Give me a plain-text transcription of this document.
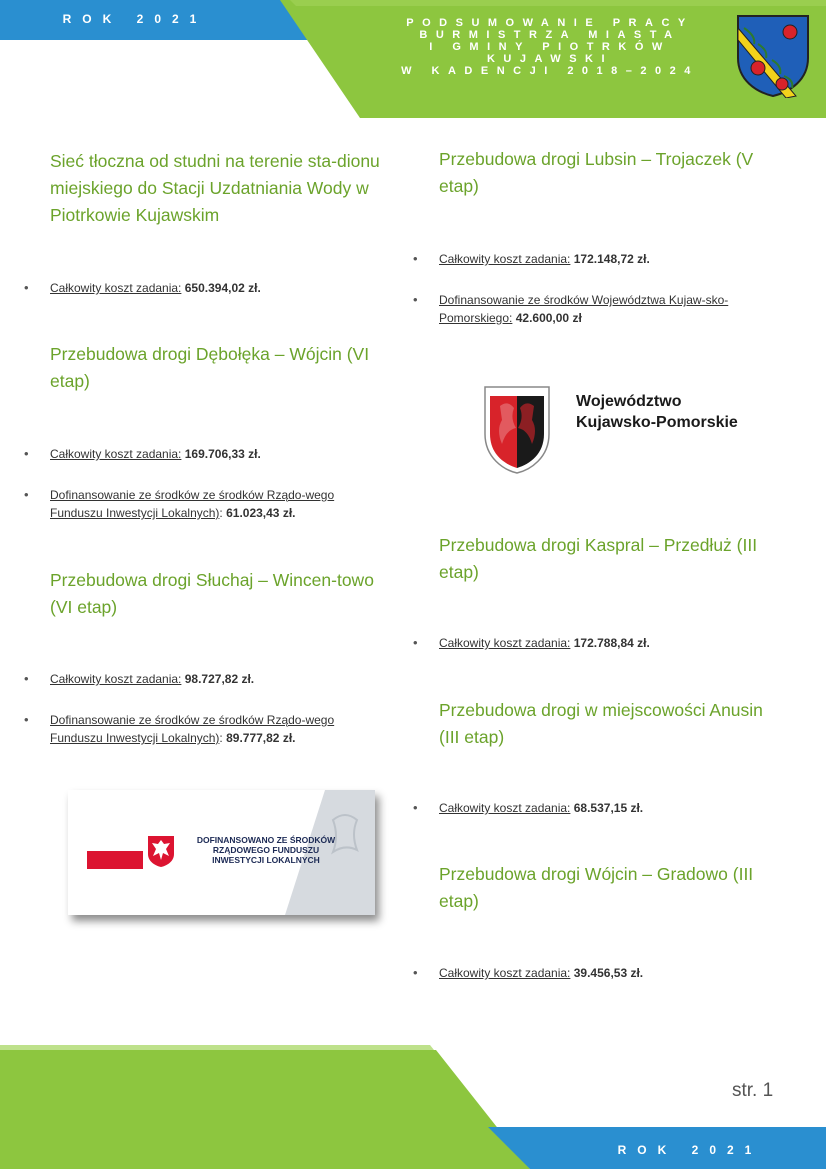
ROK 2021	PODSUMOWANIE PRACY
BURMISTRZA MIASTA
I GMINY PIOTRKÓW
KUJAWSKI
W KADENCJI 2018–2024
Sieć tłoczna od studni na terenie sta-dionu miejskiego do Stacji Uzdatniania Wody w Piotrkowie Kujawskim
• Całkowity koszt zadania: 650.394,02 zł.
Przebudowa drogi Dębołęka – Wójcin (VI etap)
• Całkowity koszt zadania: 169.706,33 zł.
• Dofinansowanie ze środków ze środków Rządo-wego Funduszu Inwestycji Lokalnych): 61.023,43 zł.
Przebudowa drogi Słuchaj – Wincen-towo (VI etap)
• Całkowity koszt zadania: 98.727,82 zł.
• Dofinansowanie ze środków ze środków Rządo-wego Funduszu Inwestycji Lokalnych): 89.777,82 zł.
DOFINANSOWANO ZE ŚRODKÓW
RZĄDOWEGO FUNDUSZU
INWESTYCJI LOKALNYCH
Przebudowa drogi Lubsin – Trojaczek (V etap)
• Całkowity koszt zadania: 172.148,72 zł.
• Dofinansowanie ze środków Województwa Kujaw-sko-Pomorskiego: 42.600,00 zł
Województwo
Kujawsko-Pomorskie
Przebudowa drogi Kaspral – Przedłuż (III etap)
• Całkowity koszt zadania: 172.788,84 zł.
Przebudowa drogi w miejscowości Anusin (III etap)
• Całkowity koszt zadania: 68.537,15 zł.
Przebudowa drogi Wójcin – Gradowo (III etap)
• Całkowity koszt zadania: 39.456,53 zł.
str. 1
ROK 2021
